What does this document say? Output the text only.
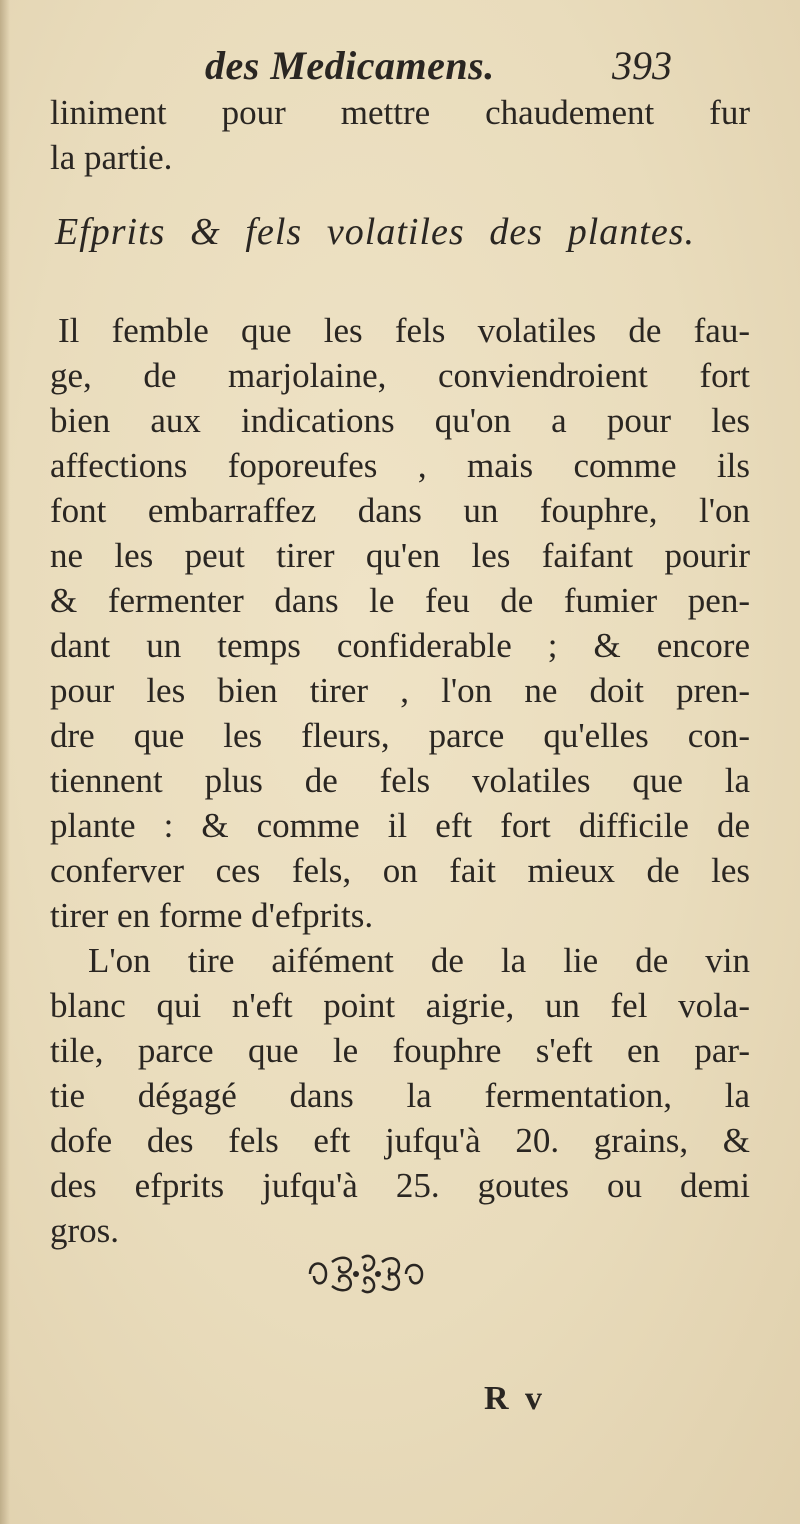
des Medicamens.	393
liniment pour mettre chaudement fur
la partie.
Efprits & fels volatiles des plantes.
Il femble que les fels volatiles de fau-
ge, de marjolaine, conviendroient fort
bien aux indications qu'on a pour les
affections foporeufes , mais comme ils
font embarraffez dans un fouphre, l'on
ne les peut tirer qu'en les faifant pourir
& fermenter dans le feu de fumier pen-
dant un temps confiderable ; & encore
pour les bien tirer , l'on ne doit pren-
dre que les fleurs, parce qu'elles con-
tiennent plus de fels volatiles que la
plante : & comme il eft fort difficile de
conferver ces fels, on fait mieux de les
tirer en forme d'efprits.
L'on tire aifément de la lie de vin
blanc qui n'eft point aigrie, un fel vola-
tile, parce que le fouphre s'eft en par-
tie dégagé dans la fermentation, la
dofe des fels eft jufqu'à 20. grains, &
des efprits jufqu'à 25. goutes ou demi
gros.
R v
